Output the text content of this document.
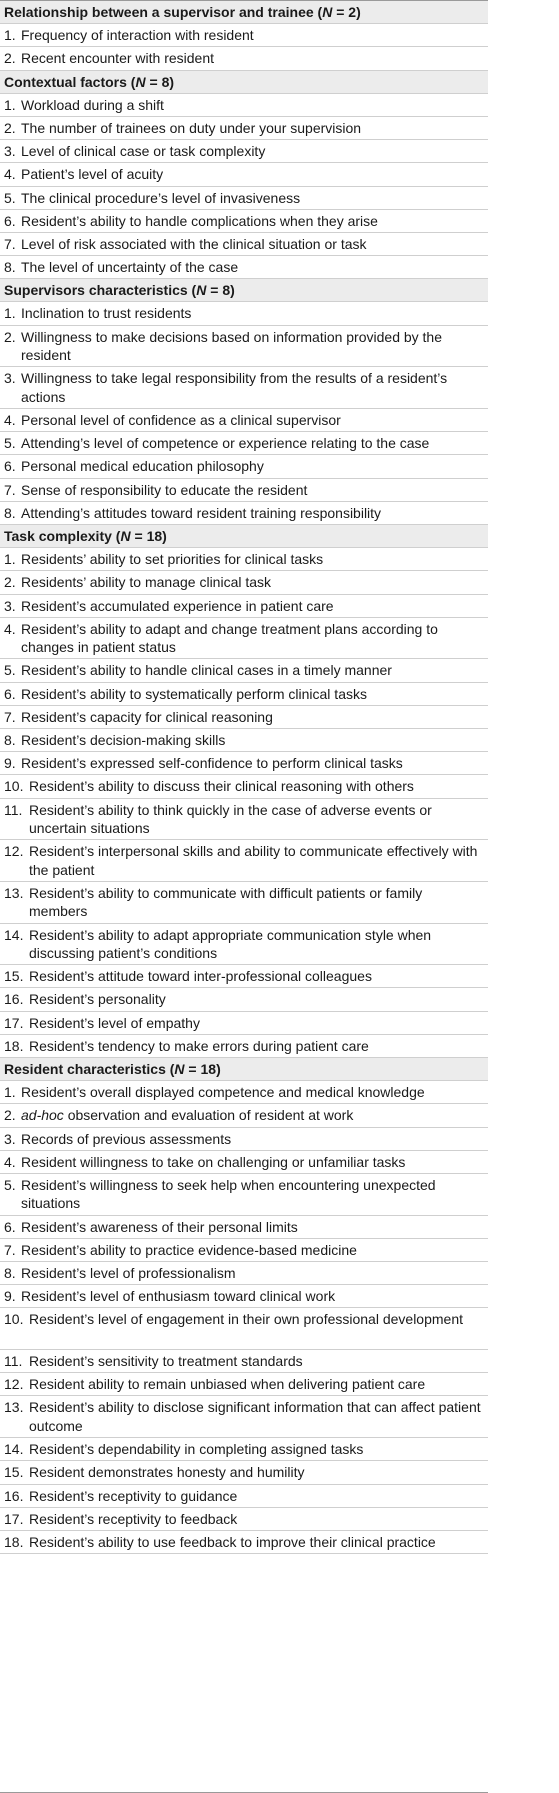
Relationship between a supervisor and trainee (N = 2)
1. Frequency of interaction with resident
2. Recent encounter with resident
Contextual factors (N = 8)
1. Workload during a shift
2. The number of trainees on duty under your supervision
3. Level of clinical case or task complexity
4. Patient’s level of acuity
5. The clinical procedure’s level of invasiveness
6. Resident’s ability to handle complications when they arise
7. Level of risk associated with the clinical situation or task
8. The level of uncertainty of the case
Supervisors characteristics (N = 8)
1. Inclination to trust residents
2. Willingness to make decisions based on information provided by the resident
3. Willingness to take legal responsibility from the results of a resident’s actions
4. Personal level of confidence as a clinical supervisor
5. Attending’s level of competence or experience relating to the case
6. Personal medical education philosophy
7. Sense of responsibility to educate the resident
8. Attending’s attitudes toward resident training responsibility
Task complexity (N = 18)
1. Residents’ ability to set priorities for clinical tasks
2. Residents’ ability to manage clinical task
3. Resident’s accumulated experience in patient care
4. Resident’s ability to adapt and change treatment plans according to changes in patient status
5. Resident’s ability to handle clinical cases in a timely manner
6. Resident’s ability to systematically perform clinical tasks
7. Resident’s capacity for clinical reasoning
8. Resident’s decision-making skills
9. Resident’s expressed self-confidence to perform clinical tasks
10. Resident’s ability to discuss their clinical reasoning with others
11. Resident’s ability to think quickly in the case of adverse events or uncertain situations
12. Resident’s interpersonal skills and ability to communicate effectively with the patient
13. Resident’s ability to communicate with difficult patients or family members
14. Resident’s ability to adapt appropriate communication style when discussing patient’s conditions
15. Resident’s attitude toward inter-professional colleagues
16. Resident’s personality
17. Resident’s level of empathy
18. Resident’s tendency to make errors during patient care
Resident characteristics (N = 18)
1. Resident’s overall displayed competence and medical knowledge
2. ad-hoc observation and evaluation of resident at work
3. Records of previous assessments
4. Resident willingness to take on challenging or unfamiliar tasks
5. Resident’s willingness to seek help when encountering unexpected situations
6. Resident’s awareness of their personal limits
7. Resident’s ability to practice evidence-based medicine
8. Resident’s level of professionalism
9. Resident’s level of enthusiasm toward clinical work
10. Resident’s level of engagement in their own professional development
11. Resident’s sensitivity to treatment standards
12. Resident ability to remain unbiased when delivering patient care
13. Resident’s ability to disclose significant information that can affect patient outcome
14. Resident’s dependability in completing assigned tasks
15. Resident demonstrates honesty and humility
16. Resident’s receptivity to guidance
17. Resident’s receptivity to feedback
18. Resident’s ability to use feedback to improve their clinical practice
